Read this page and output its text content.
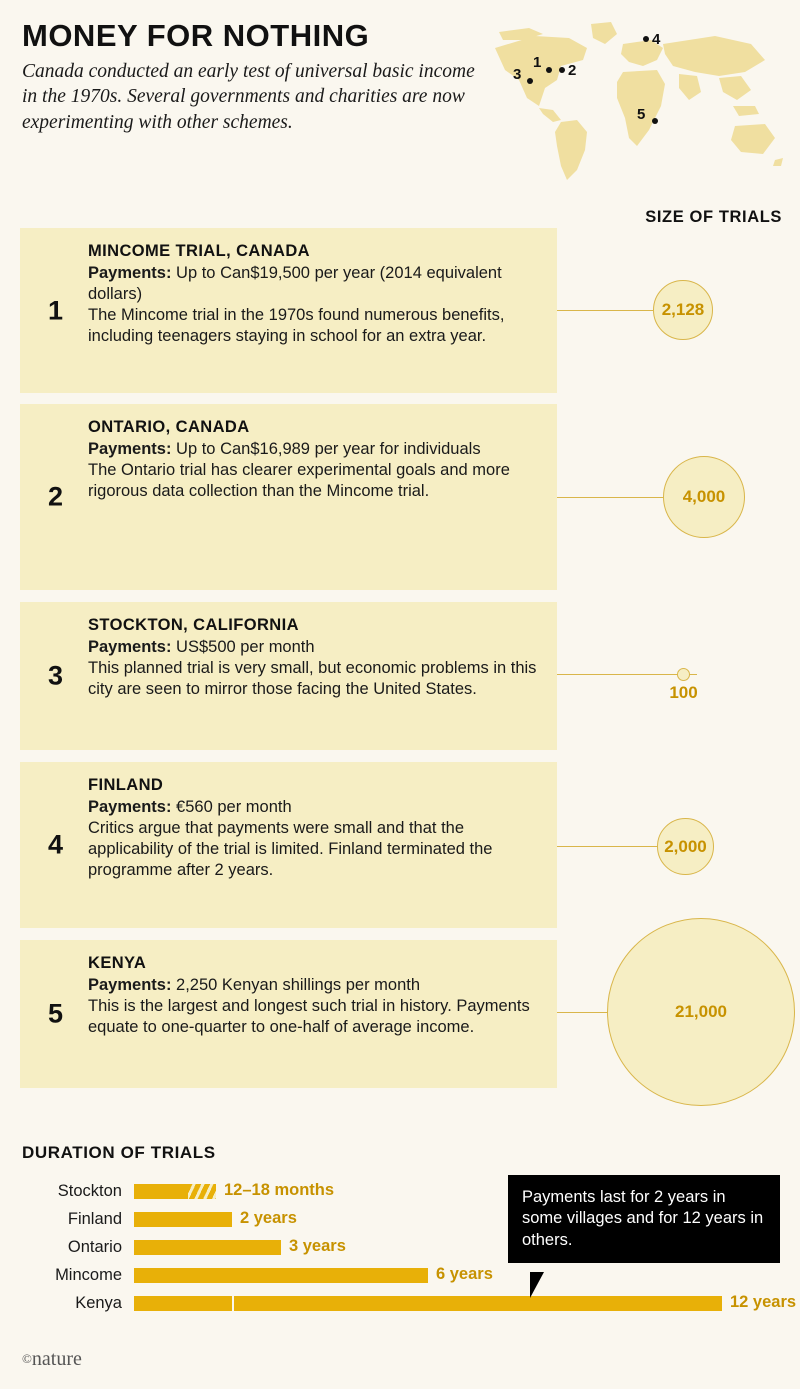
MONEY FOR NOTHING

Canada conducted an early test of universal basic income in the 1970s. Several governments and charities are now experimenting with other schemes.

3
1 2
4
5
SIZE OF TRIALS
1
MINCOME TRIAL, CANADA

Payments: Up to Can$19,500 per year (2014 equivalent dollars)

The Mincome trial in the 1970s found numerous benefits, including teenagers staying in school for an extra year.

2,128
2
ONTARIO, CANADA

Payments: Up to Can$16,989 per year for individuals

The Ontario trial has clearer experimental goals and more rigorous data collection than the Mincome trial.	4,000
3
STOCKTON, CALIFORNIA

Payments: US$500 per month

This planned trial is very small, but economic problems in this city are seen to mirror those facing the United States.	100
4
FINLAND

Payments: €560 per month

Critics argue that payments were small and that the applicability of the trial is limited. Finland terminated the programme after 2 years.

2,000
5
KENYA

Payments: 2,250 Kenyan shillings per month

This is the largest and longest such trial in history. Payments equate to one-quarter to one-half of average income.

21,000
DURATION OF TRIALS
Stockton	12–18 months
Finland	2 years
Ontario	3 years
Mincome	6 years
Kenya	12 years
Payments last for 2 years in some villages and for 12 years in others.
©nature
